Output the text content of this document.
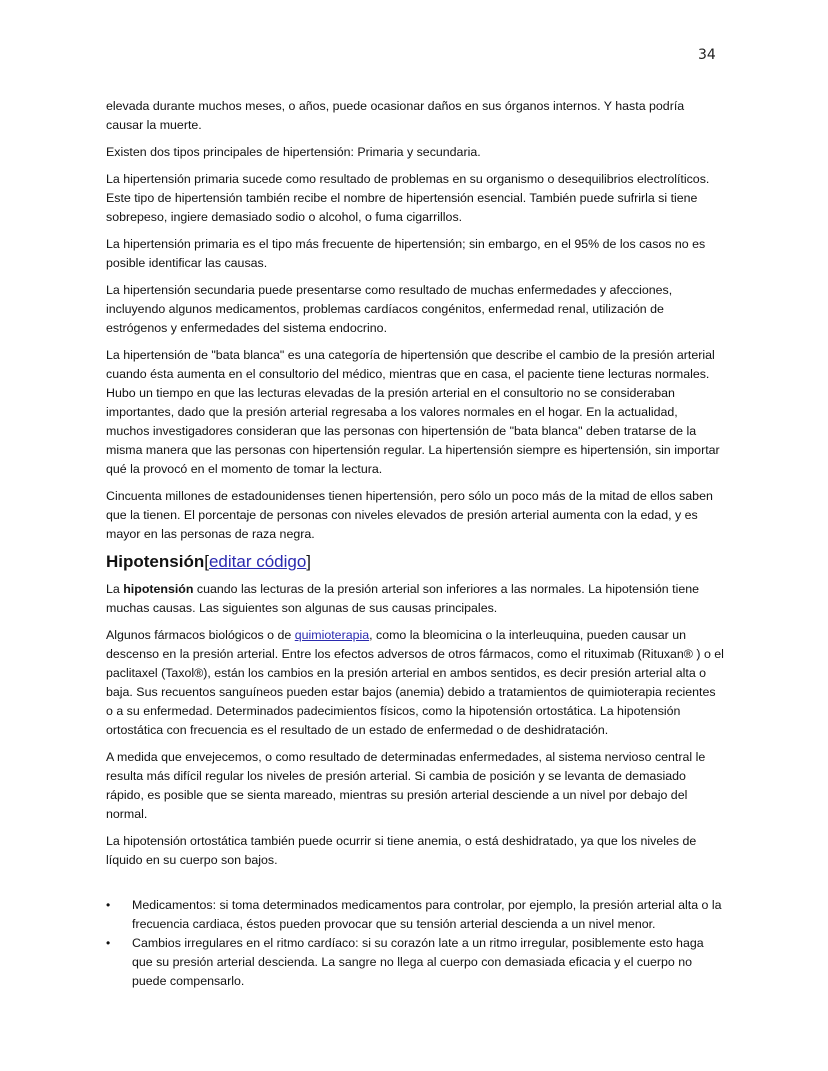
34
elevada durante muchos meses, o años, puede ocasionar daños en sus órganos internos. Y hasta podría
causar la muerte.
Existen dos tipos principales de hipertensión: Primaria y secundaria.
La hipertensión primaria sucede como resultado de problemas en su organismo o desequilibrios electrolíticos.
Este tipo de hipertensión también recibe el nombre de hipertensión esencial. También puede sufrirla si tiene
sobrepeso, ingiere demasiado sodio o alcohol, o fuma cigarrillos.
La hipertensión primaria es el tipo más frecuente de hipertensión; sin embargo, en el 95% de los casos no es
posible identificar las causas.
La hipertensión secundaria puede presentarse como resultado de muchas enfermedades y afecciones,
incluyendo algunos medicamentos, problemas cardíacos congénitos, enfermedad renal, utilización de
estrógenos y enfermedades del sistema endocrino.
La hipertensión de "bata blanca" es una categoría de hipertensión que describe el cambio de la presión arterial
cuando ésta aumenta en el consultorio del médico, mientras que en casa, el paciente tiene lecturas normales.
Hubo un tiempo en que las lecturas elevadas de la presión arterial en el consultorio no se consideraban
importantes, dado que la presión arterial regresaba a los valores normales en el hogar. En la actualidad,
muchos investigadores consideran que las personas con hipertensión de "bata blanca" deben tratarse de la
misma manera que las personas con hipertensión regular. La hipertensión siempre es hipertensión, sin importar
qué la provocó en el momento de tomar la lectura.
Cincuenta millones de estadounidenses tienen hipertensión, pero sólo un poco más de la mitad de ellos saben
que la tienen. El porcentaje de personas con niveles elevados de presión arterial aumenta con la edad, y es
mayor en las personas de raza negra.
Hipotensión[editar código]
La hipotensión cuando las lecturas de la presión arterial son inferiores a las normales. La hipotensión tiene
muchas causas. Las siguientes son algunas de sus causas principales.
Algunos fármacos biológicos o de quimioterapia, como la bleomicina o la interleuquina, pueden causar un
descenso en la presión arterial. Entre los efectos adversos de otros fármacos, como el rituximab (Rituxan® ) o el
paclitaxel (Taxol®), están los cambios en la presión arterial en ambos sentidos, es decir presión arterial alta o
baja. Sus recuentos sanguíneos pueden estar bajos (anemia) debido a tratamientos de quimioterapia recientes
o a su enfermedad. Determinados padecimientos físicos, como la hipotensión ortostática. La hipotensión
ortostática con frecuencia es el resultado de un estado de enfermedad o de deshidratación.
A medida que envejecemos, o como resultado de determinadas enfermedades, al sistema nervioso central le
resulta más difícil regular los niveles de presión arterial. Si cambia de posición y se levanta de demasiado
rápido, es posible que se sienta mareado, mientras su presión arterial desciende a un nivel por debajo del
normal.
La hipotensión ortostática también puede ocurrir si tiene anemia, o está deshidratado, ya que los niveles de
líquido en su cuerpo son bajos.
• Medicamentos: si toma determinados medicamentos para controlar, por ejemplo, la presión arterial alta o la
frecuencia cardiaca, éstos pueden provocar que su tensión arterial descienda a un nivel menor.
• Cambios irregulares en el ritmo cardíaco: si su corazón late a un ritmo irregular, posiblemente esto haga
que su presión arterial descienda. La sangre no llega al cuerpo con demasiada eficacia y el cuerpo no
puede compensarlo.
